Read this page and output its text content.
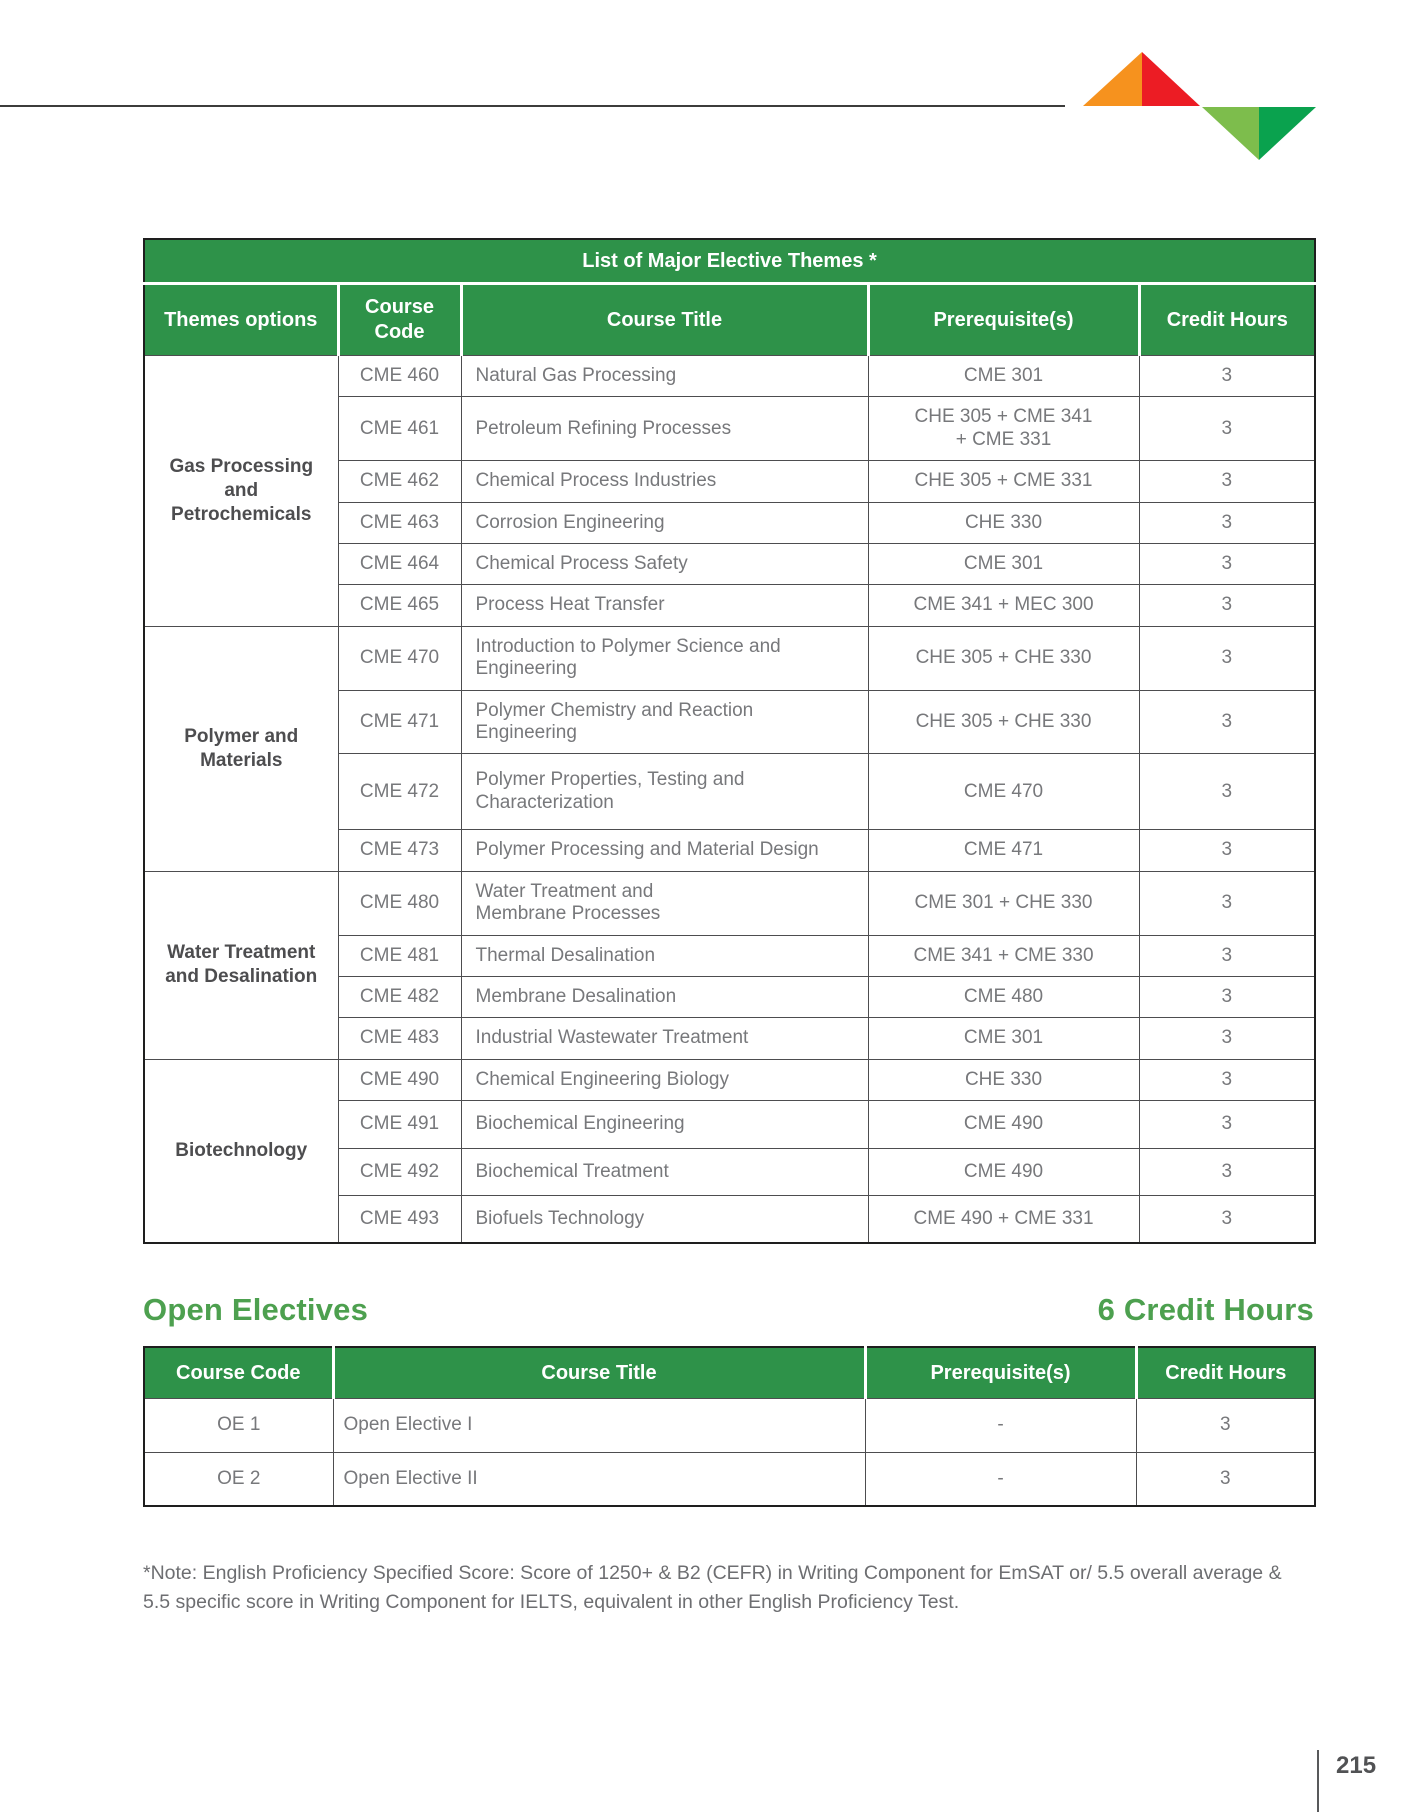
List of Major Elective Themes *				
Themes options	Course Code	Course Title	Prerequisite(s)	Credit Hours
Gas Processing and Petrochemicals	CME 460	Natural Gas Processing	CME 301	3
	CME 461	Petroleum Refining Processes	CHE 305 + CME 341 + CME 331	3
	CME 462	Chemical Process Industries	CHE 305 + CME 331	3
	CME 463	Corrosion Engineering	CHE 330	3
	CME 464	Chemical Process Safety	CME 301	3
	CME 465	Process Heat Transfer	CME 341 + MEC 300	3
Polymer and Materials	CME 470	Introduction to Polymer Science and Engineering	CHE 305 + CHE 330	3
	CME 471	Polymer Chemistry and Reaction Engineering	CHE 305 + CHE 330	3
	CME 472	Polymer Properties, Testing and Characterization	CME 470	3
	CME 473	Polymer Processing and Material Design	CME 471	3
Water Treatment and Desalination	CME 480	Water Treatment and Membrane Processes	CME 301 + CHE 330	3
	CME 481	Thermal Desalination	CME 341 + CME 330	3
	CME 482	Membrane Desalination	CME 480	3
	CME 483	Industrial Wastewater Treatment	CME 301	3
Biotechnology	CME 490	Chemical Engineering Biology	CHE 330	3
	CME 491	Biochemical Engineering	CME 490	3
	CME 492	Biochemical Treatment	CME 490	3
	CME 493	Biofuels Technology	CME 490 + CME 331	3
Open Electives	6 Credit Hours
Course Code	Course Title	Prerequisite(s)	Credit Hours
OE 1	Open Elective I	-	3
OE 2	Open Elective II	-	3

*Note: English Proficiency Specified Score: Score of 1250+ & B2 (CEFR) in Writing Component for EmSAT or/ 5.5 overall average & 5.5 specific score in Writing Component for IELTS, equivalent in other English Proficiency Test.

215
